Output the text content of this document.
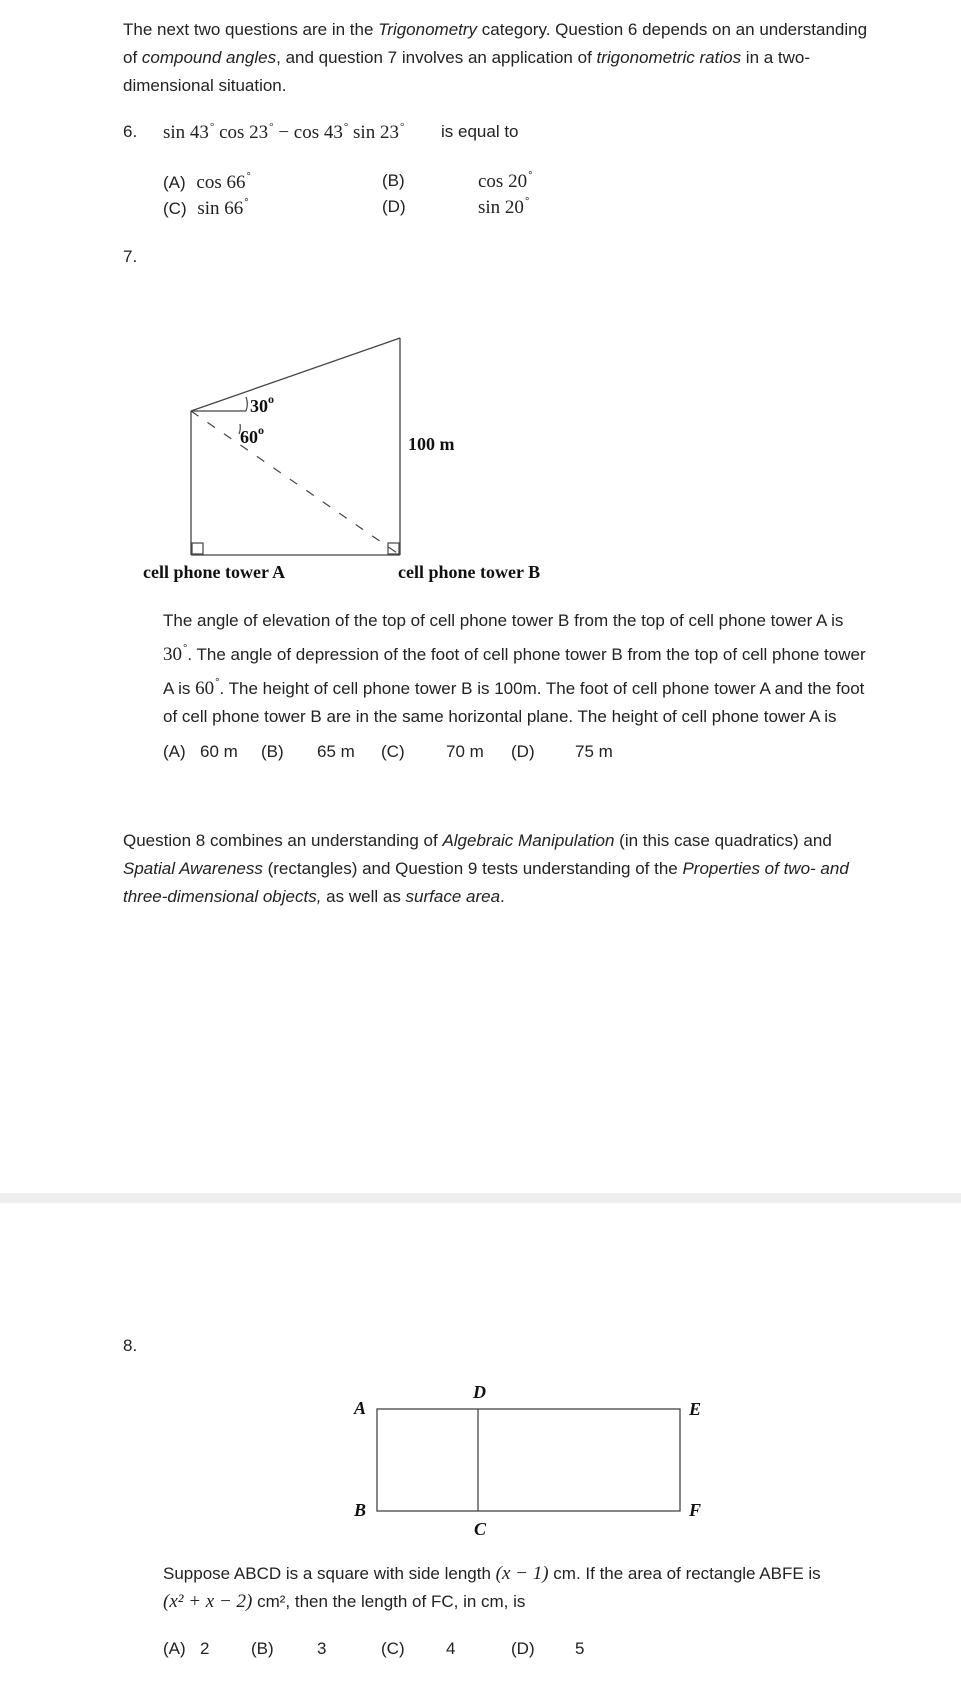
The next two questions are in the Trigonometry category. Question 6 depends on an understanding
of compound angles, and question 7 involves an application of trigonometric ratios in a two-
dimensional situation.
6. sin 43° cos 23° − cos 43° sin 23° is equal to
(A) cos 66°	(B)	cos 20°
(C) sin 66°	(D)	sin 20°
7.
30$^o$
60$^o$
100 m
cell phone tower A	cell phone tower B
The angle of elevation of the top of cell phone tower B from the top of cell phone tower A is
30°. The angle of depression of the foot of cell phone tower B from the top of cell phone tower
A is 60°. The height of cell phone tower B is 100m. The foot of cell phone tower A and the foot
of cell phone tower B are in the same horizontal plane. The height of cell phone tower A is
(A) 60 m (B) 65 m (C) 70 m (D) 75 m
Question 8 combines an understanding of Algebraic Manipulation (in this case quadratics) and
Spatial Awareness (rectangles) and Question 9 tests understanding of the Properties of two- and
three-dimensional objects, as well as surface area.
8.
A
D
E
B
C
F
Suppose ABCD is a square with side length (x − 1) cm. If the area of rectangle ABFE is
(x² + x − 2) cm², then the length of FC, in cm, is
(A) 2 (B)	3	(C) 4	(D) 5
